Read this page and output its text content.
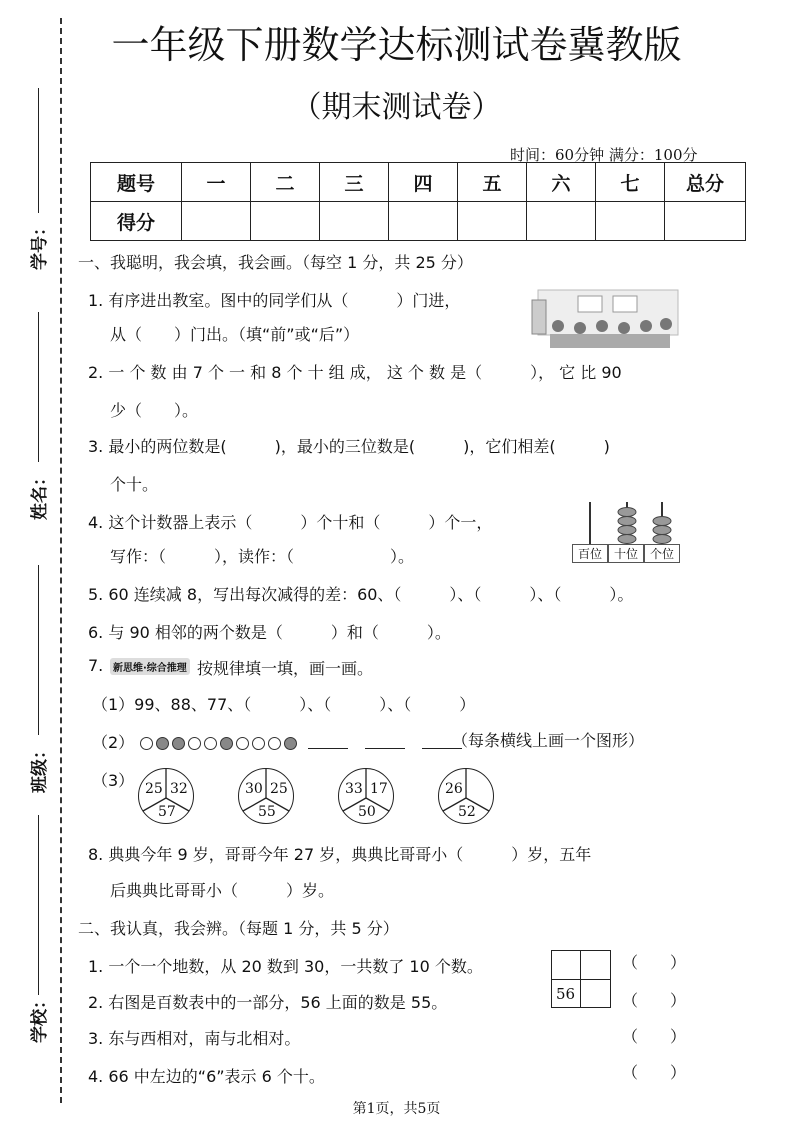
学号：
姓名：
班级：
学校：
一年级下册数学达标测试卷冀教版
（期末测试卷）
时间：60分钟 满分：100分
题号	一	二	三	四	五	六	七	总分
得分								
一、我聪明，我会填，我会画。（每空 1 分，共 25 分）
1. 有序进出教室。图中的同学们从（　　　）门进，
从（　　）门出。（填“前”或“后”）
2. 一 个 数 由 7 个 一 和 8 个 十 组 成， 这 个 数 是（　　　）， 它 比 90
少（　　）。
3. 最小的两位数是(　　　)，最小的三位数是(　　　)，它们相差(　　　)
个十。
4. 这个计数器上表示（　　　）个十和（　　　）个一，
写作：（　　　），读作：（　　　　　　）。	百位 十位 个位
5. 60 连续减 8，写出每次减得的差：60、（　　　）、（　　　）、（　　　）。
6. 与 90 相邻的两个数是（　　　）和（　　　）。
7. 新思维·综合推理 按规律填一填，画一画。
（1）99、88、77、（　　　）、（　　　）、（　　　）
（2）
	（每条横线上画一个图形）
（3） 25 32
57
30 25
55
33 17
50
26
52
8. 典典今年 9 岁，哥哥今年 27 岁，典典比哥哥小（　　　）岁，五年
后典典比哥哥小（　　　）岁。
二、我认真，我会辨。（每题 1 分，共 5 分）
1. 一个一个地数，从 20 数到 30，一共数了 10 个数。	（　　）
2. 右图是百数表中的一部分，56 上面的数是 55。	（　　）
56
3. 东与西相对，南与北相对。	（　　）
4. 66 中左边的“6”表示 6 个十。	（　　）
第1页，共5页
